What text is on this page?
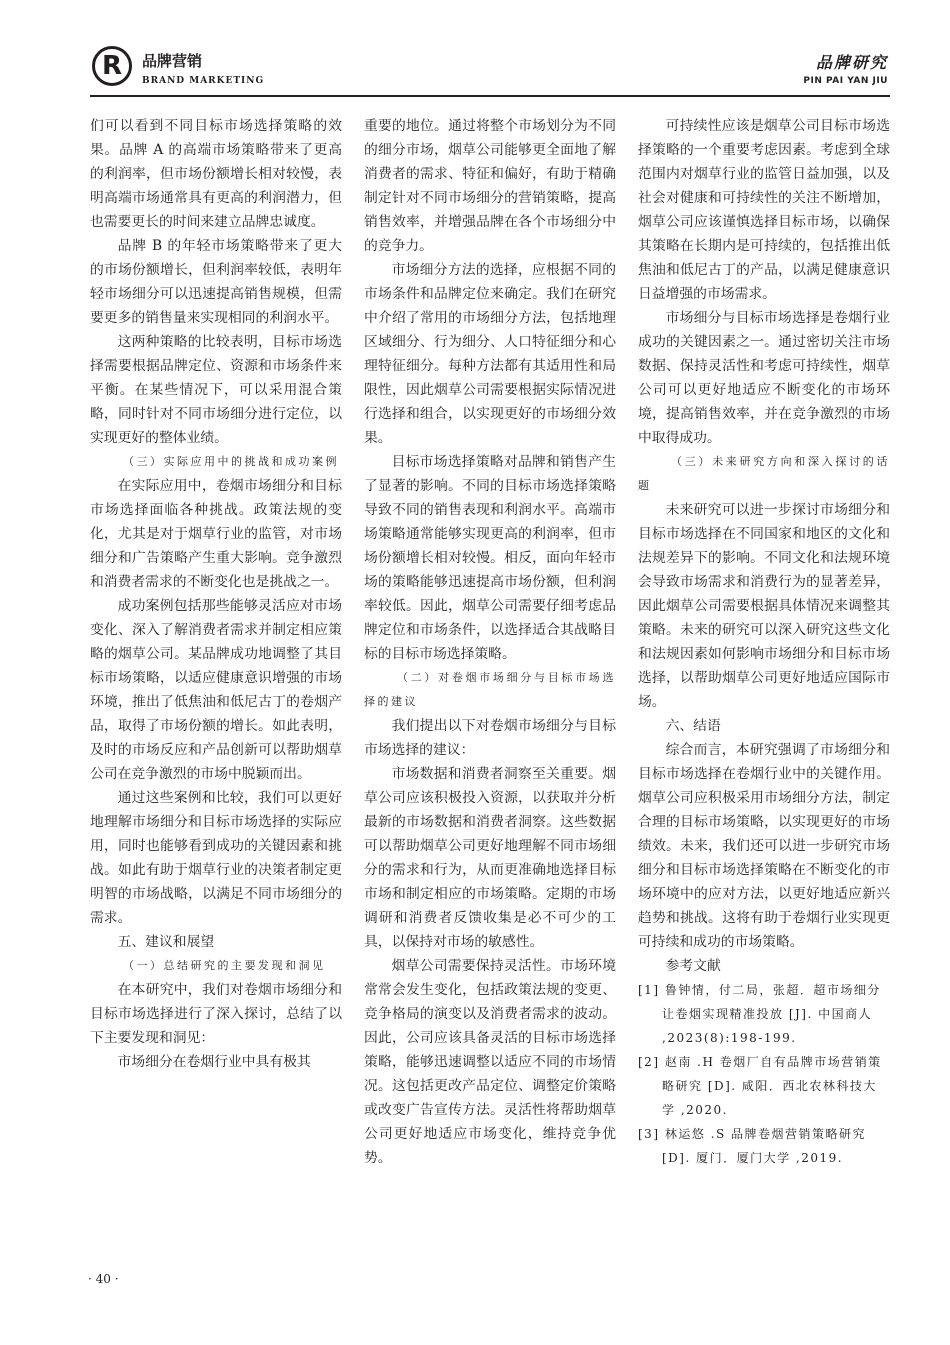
R 品牌营销
BRAND MARKETING
品牌研究
PIN PAI YAN JIU

们可以看到不同目标市场选择策略的效果。品牌 A 的高端市场策略带来了更高的利润率，但市场份额增长相对较慢，表明高端市场通常具有更高的利润潜力，但也需要更长的时间来建立品牌忠诚度。

品牌 B 的年轻市场策略带来了更大的市场份额增长，但利润率较低，表明年轻市场细分可以迅速提高销售规模，但需要更多的销售量来实现相同的利润水平。

这两种策略的比较表明，目标市场选择需要根据品牌定位、资源和市场条件来平衡。在某些情况下，可以采用混合策略，同时针对不同市场细分进行定位，以实现更好的整体业绩。

（三）实际应用中的挑战和成功案例

在实际应用中，卷烟市场细分和目标市场选择面临各种挑战。政策法规的变化，尤其是对于烟草行业的监管，对市场细分和广告策略产生重大影响。竞争激烈和消费者需求的不断变化也是挑战之一。

成功案例包括那些能够灵活应对市场变化、深入了解消费者需求并制定相应策略的烟草公司。某品牌成功地调整了其目标市场策略，以适应健康意识增强的市场环境，推出了低焦油和低尼古丁的卷烟产品，取得了市场份额的增长。如此表明，及时的市场反应和产品创新可以帮助烟草公司在竞争激烈的市场中脱颖而出。

通过这些案例和比较，我们可以更好地理解市场细分和目标市场选择的实际应用，同时也能够看到成功的关键因素和挑战。如此有助于烟草行业的决策者制定更明智的市场战略，以满足不同市场细分的需求。

五、建议和展望

（一）总结研究的主要发现和洞见

在本研究中，我们对卷烟市场细分和目标市场选择进行了深入探讨，总结了以下主要发现和洞见：

市场细分在卷烟行业中具有极其

重要的地位。通过将整个市场划分为不同的细分市场，烟草公司能够更全面地了解消费者的需求、特征和偏好，有助于精确制定针对不同市场细分的营销策略，提高销售效率，并增强品牌在各个市场细分中的竞争力。

市场细分方法的选择，应根据不同的市场条件和品牌定位来确定。我们在研究中介绍了常用的市场细分方法，包括地理区域细分、行为细分、人口特征细分和心理特征细分。每种方法都有其适用性和局限性，因此烟草公司需要根据实际情况进行选择和组合，以实现更好的市场细分效果。

目标市场选择策略对品牌和销售产生了显著的影响。不同的目标市场选择策略导致不同的销售表现和利润水平。高端市场策略通常能够实现更高的利润率，但市场份额增长相对较慢。相反，面向年轻市场的策略能够迅速提高市场份额，但利润率较低。因此，烟草公司需要仔细考虑品牌定位和市场条件，以选择适合其战略目标的目标市场选择策略。

（二）对卷烟市场细分与目标市场选择的建议

我们提出以下对卷烟市场细分与目标市场选择的建议：

市场数据和消费者洞察至关重要。烟草公司应该积极投入资源，以获取并分析最新的市场数据和消费者洞察。这些数据可以帮助烟草公司更好地理解不同市场细分的需求和行为，从而更准确地选择目标市场和制定相应的市场策略。定期的市场调研和消费者反馈收集是必不可少的工具，以保持对市场的敏感性。

烟草公司需要保持灵活性。市场环境常常会发生变化，包括政策法规的变更、竞争格局的演变以及消费者需求的波动。因此，公司应该具备灵活的目标市场选择策略，能够迅速调整以适应不同的市场情况。这包括更改产品定位、调整定价策略或改变广告宣传方法。灵活性将帮助烟草公司更好地适应市场变化，维持竞争优势。

可持续性应该是烟草公司目标市场选择策略的一个重要考虑因素。考虑到全球范围内对烟草行业的监管日益加强，以及社会对健康和可持续性的关注不断增加，烟草公司应该谨慎选择目标市场，以确保其策略在长期内是可持续的，包括推出低焦油和低尼古丁的产品，以满足健康意识日益增强的市场需求。

市场细分与目标市场选择是卷烟行业成功的关键因素之一。通过密切关注市场数据、保持灵活性和考虑可持续性，烟草公司可以更好地适应不断变化的市场环境，提高销售效率，并在竞争激烈的市场中取得成功。

（三）未来研究方向和深入探讨的话题

未来研究可以进一步探讨市场细分和目标市场选择在不同国家和地区的文化和法规差异下的影响。不同文化和法规环境会导致市场需求和消费行为的显著差异，因此烟草公司需要根据具体情况来调整其策略。未来的研究可以深入研究这些文化和法规因素如何影响市场细分和目标市场选择，以帮助烟草公司更好地适应国际市场。

六、结语

综合而言，本研究强调了市场细分和目标市场选择在卷烟行业中的关键作用。烟草公司应积极采用市场细分方法，制定合理的目标市场策略，以实现更好的市场绩效。未来，我们还可以进一步研究市场细分和目标市场选择策略在不断变化的市场环境中的应对方法，以更好地适应新兴趋势和挑战。这将有助于卷烟行业实现更可持续和成功的市场策略。

参考文献

[1] 鲁钟情，付二局，张超．超市场细分让卷烟实现精准投放 [J]. 中国商人 ,2023(8):198-199.

[2] 赵南 .H 卷烟厂自有品牌市场营销策略研究 [D]. 咸阳．西北农林科技大学 ,2020.

[3] 林运悠 .S 品牌卷烟营销策略研究 [D]. 厦门．厦门大学 ,2019.

· 40 ·
